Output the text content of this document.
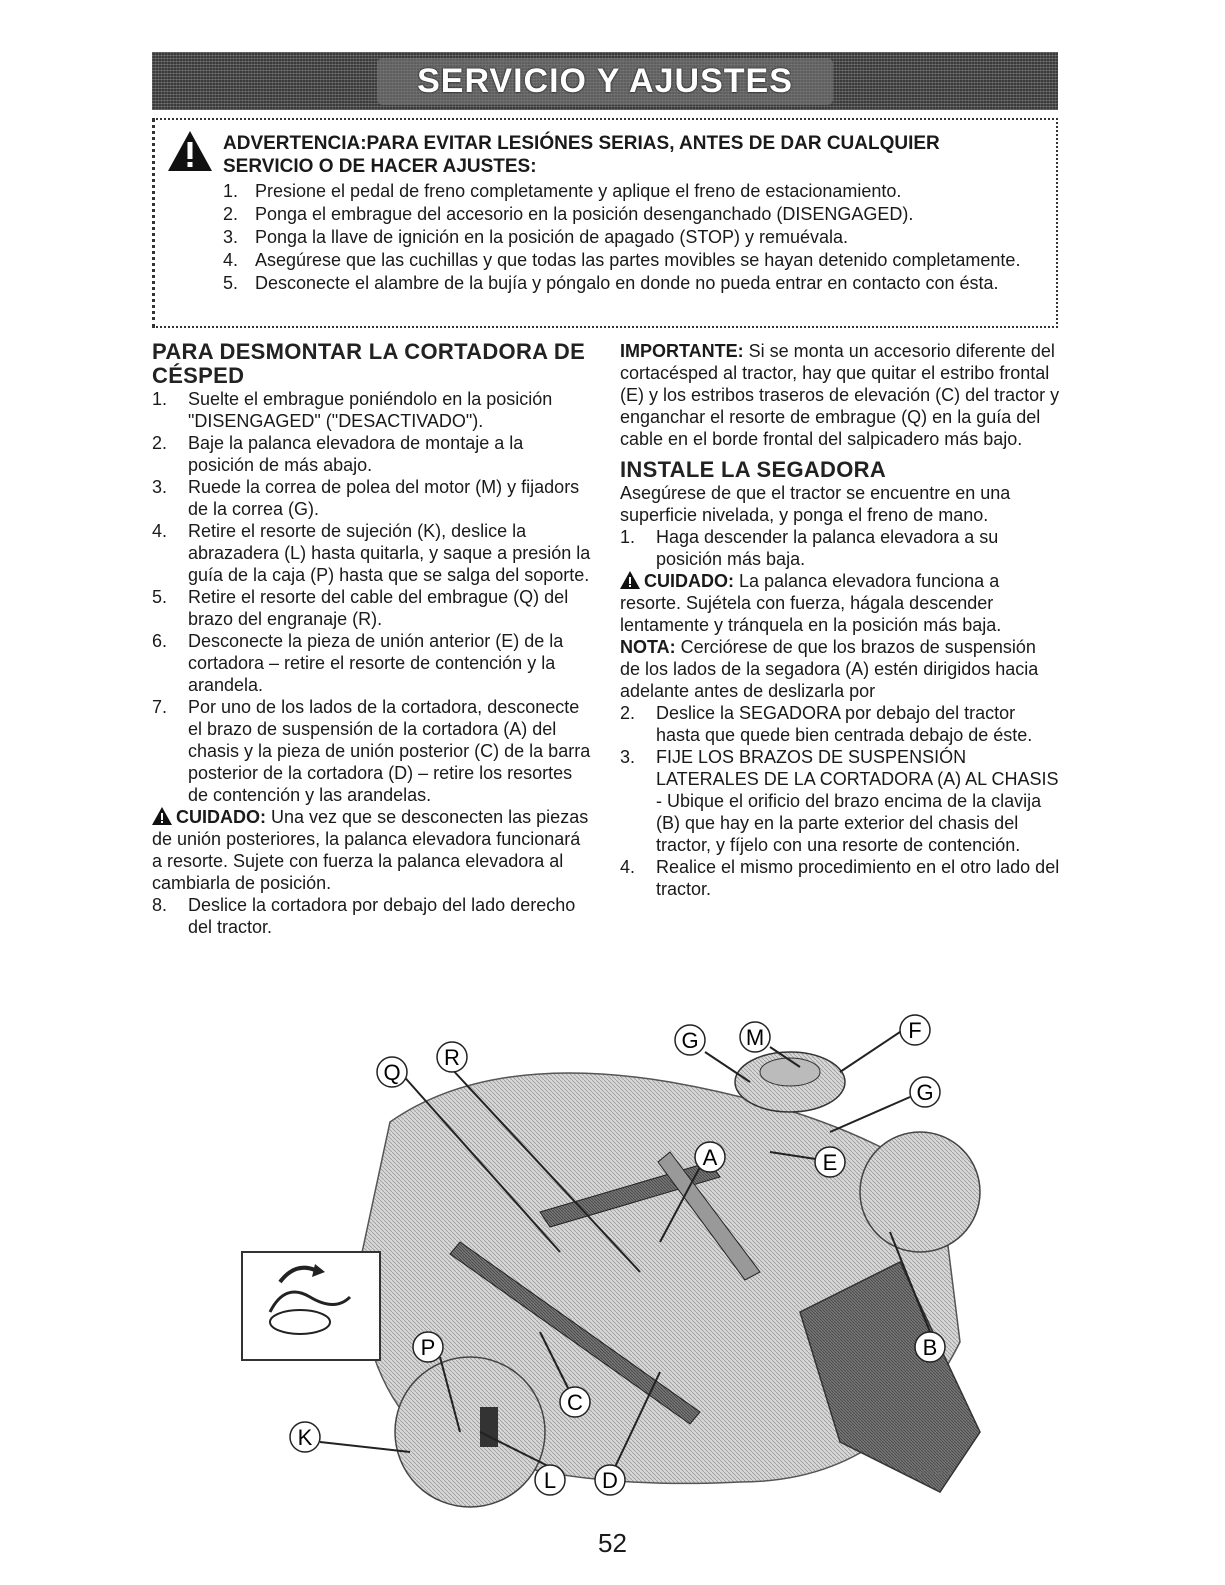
SERVICIO Y AJUSTES
ADVERTENCIA:PARA EVITAR LESIÓNES SERIAS, ANTES DE DAR CUALQUIER
SERVICIO O DE HACER AJUSTES:
1. Presione el pedal de freno completamente y aplique el freno de estacionamiento.
2. Ponga el embrague del accesorio en la posición desenganchado (DISENGAGED).
3. Ponga la llave de ignición en la posición de apagado (STOP) y remuévala.
4. Asegúrese que las cuchillas y que todas las partes movibles se hayan detenido completamente.
5. Desconecte el alambre de la bujía y póngalo en donde no pueda entrar en contacto con ésta.
PARA DESMONTAR LA CORTADORA DE CÉSPED
1. Suelte el embrague poniéndolo en la posición "DISENGAGED" ("DESACTIVADO").
2. Baje la palanca elevadora de montaje a la posición de más abajo.
3. Ruede la correa de polea del motor (M) y fijadors de la correa (G).
4. Retire el resorte de sujeción (K), deslice la abrazadera (L) hasta quitarla, y saque a presión la guía de la caja (P) hasta que se salga del soporte.
5. Retire el resorte del cable del embrague (Q) del brazo del engranaje (R).
6. Desconecte la pieza de unión anterior (E) de la cortadora – retire el resorte de contención y la arandela.
7. Por uno de los lados de la cortadora, desconecte el brazo de suspensión de la cortadora (A) del chasis y la pieza de unión posterior (C) de la barra posterior de la cortadora (D) – retire los resortes de contención y las arandelas.

CUIDADO: Una vez que se desconecten las piezas de unión posteriores, la palanca elevadora funcionará a resorte. Sujete con fuerza la palanca elevadora al cambiarla de posición.

8. Deslice la cortadora por debajo del lado derecho del tractor.

IMPORTANTE: Si se monta un accesorio diferente del cortacésped al tractor, hay que quitar el estribo frontal (E) y los estribos traseros de elevación (C) del tractor y enganchar el resorte de embrague (Q) en la guía del cable en el borde frontal del salpicadero más bajo.

INSTALE LA SEGADORA

Asegúrese de que el tractor se encuentre en una superficie nivelada, y ponga el freno de mano.

1. Haga descender la palanca elevadora a su posición más baja.

CUIDADO: La palanca elevadora funciona a resorte. Sujétela con fuerza, hágala descender lentamente y tránquela en la posición más baja.

NOTA: Cerciórese de que los brazos de suspensión de los lados de la segadora (A) estén dirigidos hacia adelante antes de deslizarla por

2. Deslice la SEGADORA por debajo del tractor hasta que quede bien centrada debajo de éste.
3. FIJE LOS BRAZOS DE SUSPENSIÓN LATERALES DE LA CORTADORA (A) AL CHASIS - Ubique el orificio del brazo encima de la clavija (B) que hay en la parte exterior del chasis del tractor, y fíjelo con una resorte de contención.
4. Realice el mismo procedimiento en el otro lado del tractor.
G M	F
G
Q
R
A	E
B
P
C
K
L D	03042tex
52
